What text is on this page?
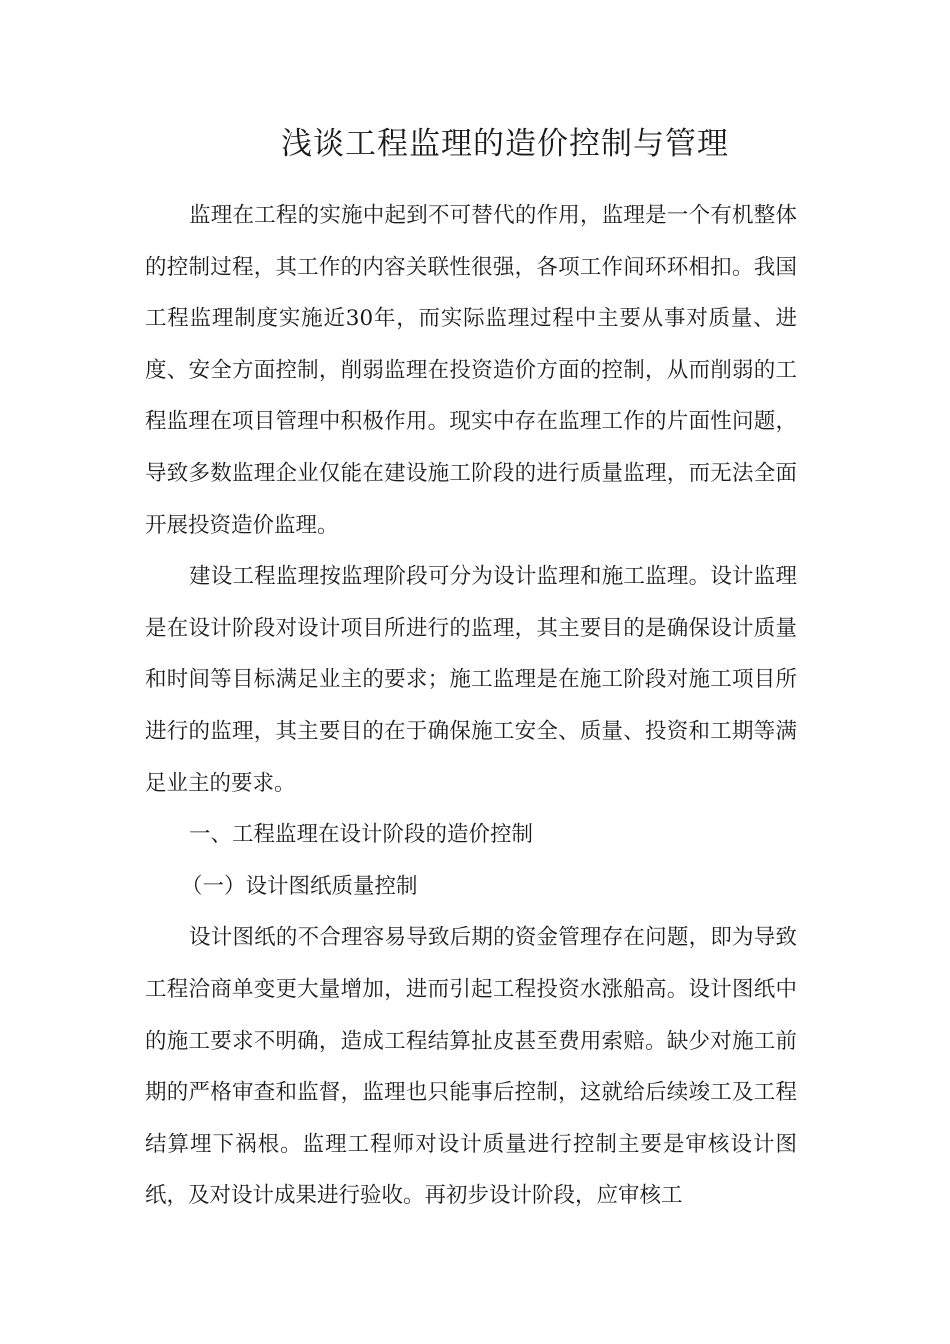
浅谈工程监理的造价控制与管理

监理在工程的实施中起到不可替代的作用，监理是一个有机整体的控制过程，其工作的内容关联性很强，各项工作间环环相扣。我国工程监理制度实施近30年，而实际监理过程中主要从事对质量、进度、安全方面控制，削弱监理在投资造价方面的控制，从而削弱的工程监理在项目管理中积极作用。现实中存在监理工作的片面性问题，导致多数监理企业仅能在建设施工阶段的进行质量监理，而无法全面开展投资造价监理。

建设工程监理按监理阶段可分为设计监理和施工监理。设计监理是在设计阶段对设计项目所进行的监理，其主要目的是确保设计质量和时间等目标满足业主的要求；施工监理是在施工阶段对施工项目所进行的监理，其主要目的在于确保施工安全、质量、投资和工期等满足业主的要求。

一、工程监理在设计阶段的造价控制

（一）设计图纸质量控制

设计图纸的不合理容易导致后期的资金管理存在问题，即为导致工程洽商单变更大量增加，进而引起工程投资水涨船高。设计图纸中的施工要求不明确，造成工程结算扯皮甚至费用索赔。缺少对施工前期的严格审查和监督，监理也只能事后控制，这就给后续竣工及工程结算埋下祸根。监理工程师对设计质量进行控制主要是审核设计图纸，及对设计成果进行验收。再初步设计阶段，应审核工
